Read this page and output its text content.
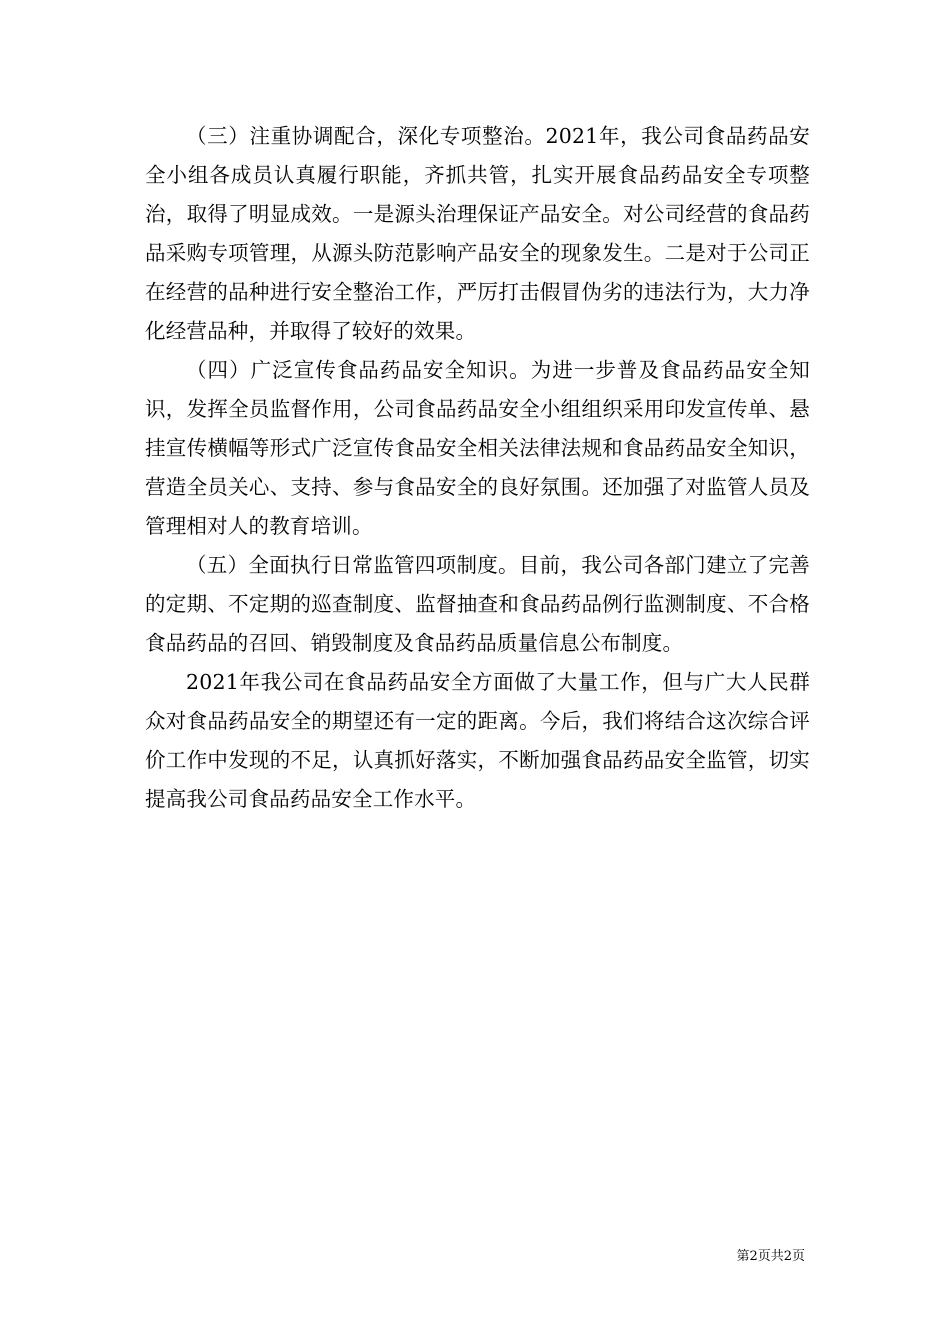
（三）注重协调配合，深化专项整治。2021年，我公司食品药品安全小组各成员认真履行职能，齐抓共管，扎实开展食品药品安全专项整治，取得了明显成效。一是源头治理保证产品安全。对公司经营的食品药品采购专项管理，从源头防范影响产品安全的现象发生。二是对于公司正在经营的品种进行安全整治工作，严厉打击假冒伪劣的违法行为，大力净化经营品种，并取得了较好的效果。

（四）广泛宣传食品药品安全知识。为进一步普及食品药品安全知识，发挥全员监督作用，公司食品药品安全小组组织采用印发宣传单、悬挂宣传横幅等形式广泛宣传食品安全相关法律法规和食品药品安全知识，营造全员关心、支持、参与食品安全的良好氛围。还加强了对监管人员及管理相对人的教育培训。

（五）全面执行日常监管四项制度。目前，我公司各部门建立了完善的定期、不定期的巡查制度、监督抽查和食品药品例行监测制度、不合格食品药品的召回、销毁制度及食品药品质量信息公布制度。

2021年我公司在食品药品安全方面做了大量工作，但与广大人民群众对食品药品安全的期望还有一定的距离。今后，我们将结合这次综合评价工作中发现的不足，认真抓好落实，不断加强食品药品安全监管，切实提高我公司食品药品安全工作水平。

第2页共2页
